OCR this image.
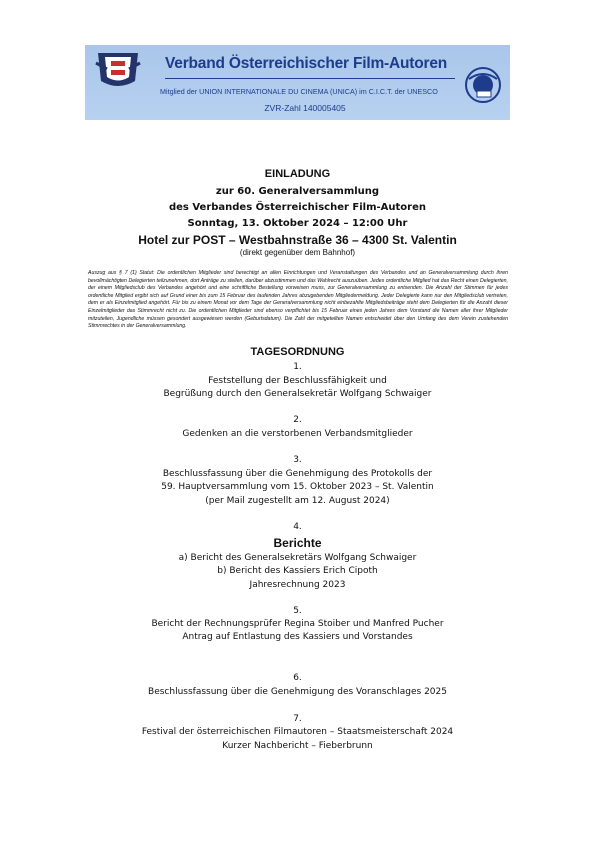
Verband Österreichischer Film-Autoren
Mitglied der UNION INTERNATIONALE DU CINEMA (UNICA) im C.I.C.T. der UNESCO
ZVR-Zahl 140005405
EINLADUNG
zur 60. Generalversammlung
des Verbandes Österreichischer Film-Autoren
Sonntag, 13. Oktober 2024 – 12:00 Uhr
Hotel zur POST – Westbahnstraße 36 – 4300 St. Valentin
(direkt gegenüber dem Bahnhof)
Auszug aus § 7 (1) Statut: Die ordentlichen Mitglieder sind berechtigt an allen Einrichtungen und Veranstaltungen des Verbandes und an Generalversammlung durch ihren bevollmächtigten Delegierten teilzunehmen, dort Anträge zu stellen, darüber abzustimmen und das Wahlrecht auszuüben. Jedes ordentliche Mitglied hat das Recht einen Delegierten, der einem Mitgliedsclub des Verbandes angehört und eine schriftliche Bestellung vorweisen muss, zur Generalversammlung zu entsenden. Die Anzahl der Stimmen für jedes ordentliche Mitglied ergibt sich auf Grund einer bis zum 15 Februar des laufenden Jahres abzugebenden Mitgliedermeldung. Jeder Delegierte kann nur den Mitgliedsclub vertreten, dem er als Einzelmitglied angehört. Für bis zu einem Monat vor dem Tage der Generalversammlung nicht einbezahlte Mitgliedsbeiträge steht dem Delegierten für die Anzahl dieser Einzelmitglieder das Stimmrecht nicht zu. Die ordentlichen Mitglieder sind ebenso verpflichtet bis 15 Februar eines jeden Jahres dem Vorstand die Namen aller ihrer Mitglieder mitzuteilen, Jugendliche müssen gesondert ausgewiesen werden (Geburtsdatum). Die Zahl der mitgeteilten Namen entscheidet über den Umfang des dem Verein zustehenden Stimmrechtes in der Generalversammlung.
TAGESORDNUNG
1.
Feststellung der Beschlussfähigkeit und
Begrüßung durch den Generalsekretär Wolfgang Schwaiger
2.
Gedenken an die verstorbenen Verbandsmitglieder
3.
Beschlussfassung über die Genehmigung des Protokolls der
59. Hauptversammlung vom 15. Oktober 2023 – St. Valentin
(per Mail zugestellt am 12. August 2024)
4.
Berichte
a) Bericht des Generalsekretärs Wolfgang Schwaiger
b) Bericht des Kassiers Erich Cipoth
Jahresrechnung 2023
5.
Bericht der Rechnungsprüfer Regina Stoiber und Manfred Pucher
Antrag auf Entlastung des Kassiers und Vorstandes
6.
Beschlussfassung über die Genehmigung des Voranschlages 2025
7.
Festival der österreichischen Filmautoren – Staatsmeisterschaft 2024
Kurzer Nachbericht – Fieberbrunn
